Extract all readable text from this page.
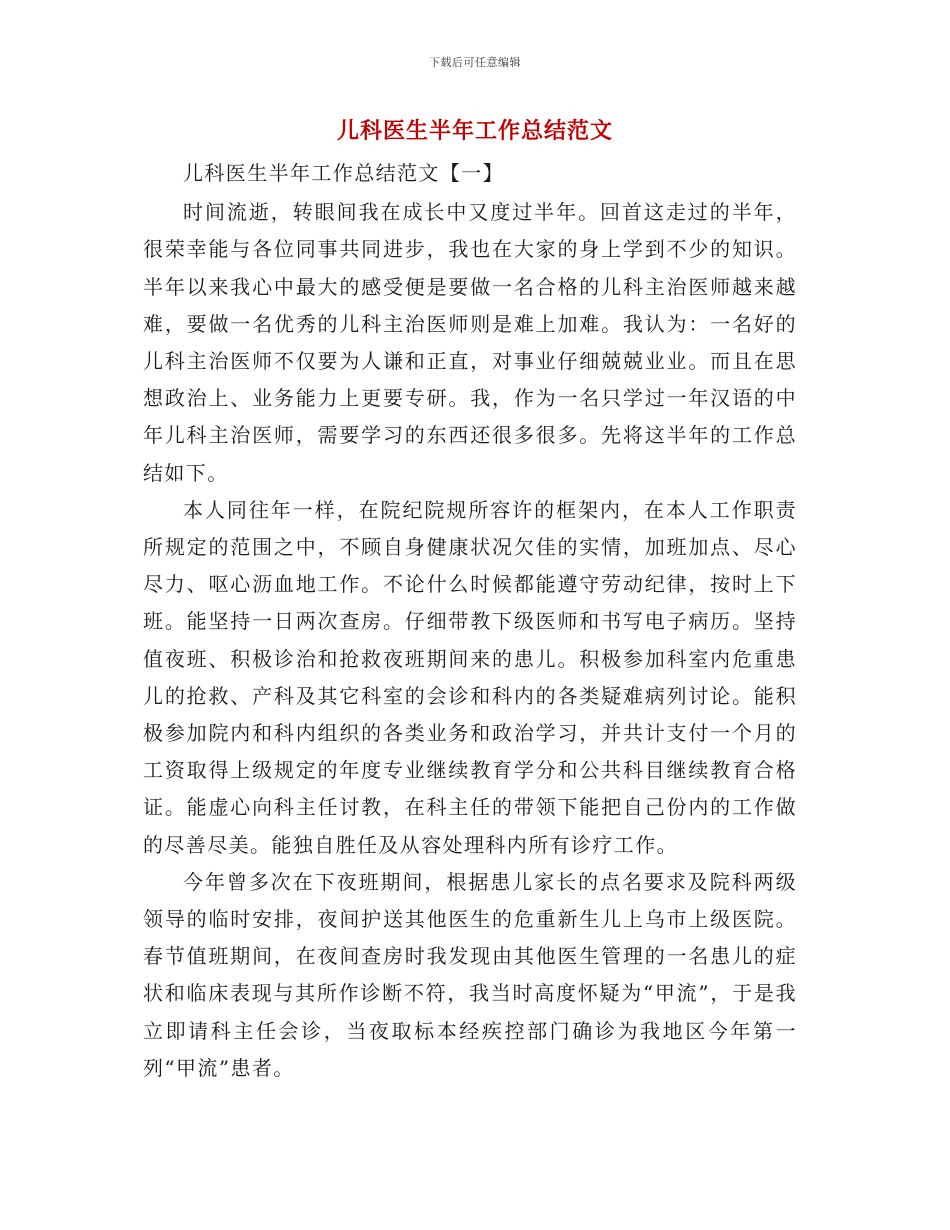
下载后可任意编辑
儿科医生半年工作总结范文

儿科医生半年工作总结范文【一】

时间流逝，转眼间我在成长中又度过半年。回首这走过的半年，很荣幸能与各位同事共同进步，我也在大家的身上学到不少的知识。半年以来我心中最大的感受便是要做一名合格的儿科主治医师越来越难，要做一名优秀的儿科主治医师则是难上加难。我认为：一名好的儿科主治医师不仅要为人谦和正直，对事业仔细兢兢业业。而且在思想政治上、业务能力上更要专研。我，作为一名只学过一年汉语的中年儿科主治医师，需要学习的东西还很多很多。先将这半年的工作总结如下。

本人同往年一样，在院纪院规所容许的框架内，在本人工作职责所规定的范围之中，不顾自身健康状况欠佳的实情，加班加点、尽心尽力、呕心沥血地工作。不论什么时候都能遵守劳动纪律，按时上下班。能坚持一日两次查房。仔细带教下级医师和书写电子病历。坚持值夜班、积极诊治和抢救夜班期间来的患儿。积极参加科室内危重患儿的抢救、产科及其它科室的会诊和科内的各类疑难病列讨论。能积极参加院内和科内组织的各类业务和政治学习，并共计支付一个月的工资取得上级规定的年度专业继续教育学分和公共科目继续教育合格证。能虚心向科主任讨教，在科主任的带领下能把自己份内的工作做的尽善尽美。能独自胜任及从容处理科内所有诊疗工作。

今年曾多次在下夜班期间，根据患儿家长的点名要求及院科两级领导的临时安排，夜间护送其他医生的危重新生儿上乌市上级医院。春节值班期间，在夜间查房时我发现由其他医生管理的一名患儿的症状和临床表现与其所作诊断不符，我当时高度怀疑为“甲流”，于是我立即请科主任会诊，当夜取标本经疾控部门确诊为我地区今年第一列“甲流”患者。
